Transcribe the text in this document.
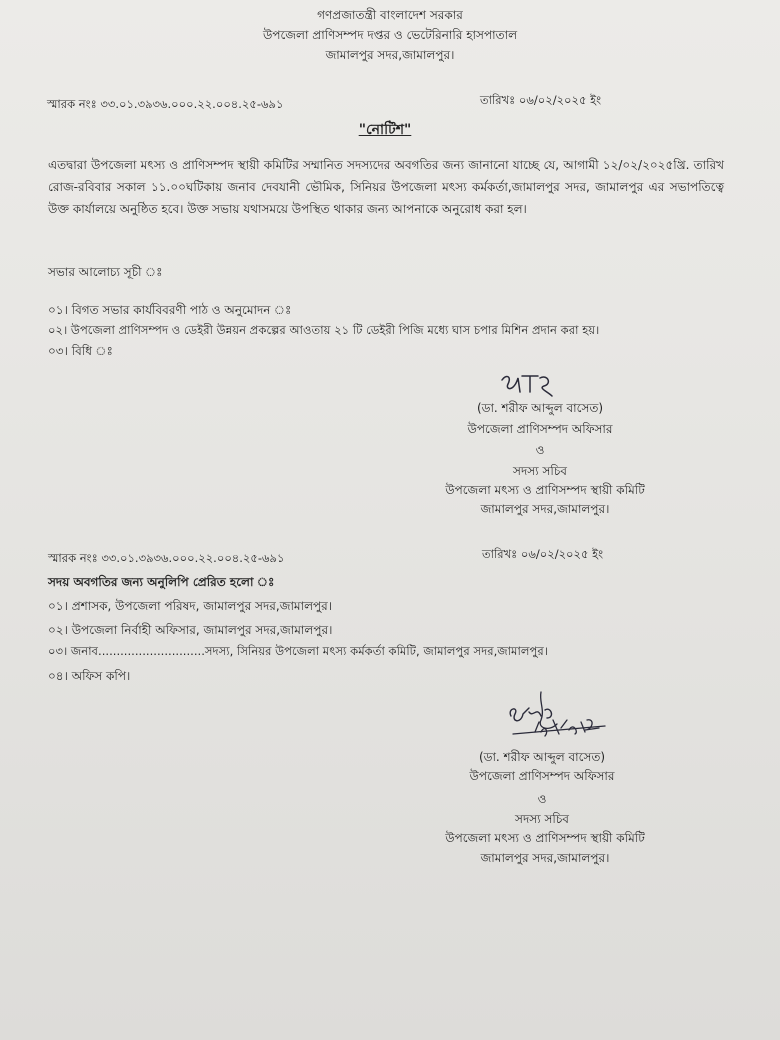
গণপ্রজাতন্ত্রী বাংলাদেশ সরকার
উপজেলা প্রাণিসম্পদ দপ্তর ও ভেটেরিনারি হাসপাতাল
জামালপুর সদর,জামালপুর।
স্মারক নংঃ ৩৩.০১.৩৯৩৬.০০০.২২.০০৪.২৫-৬৯১	তারিখঃ ০৬/০২/২০২৫ ইং
"নোটিশ"
এতদ্বারা উপজেলা মৎস্য ও প্রাণিসম্পদ স্থায়ী কমিটির সম্মানিত সদস্যদের অবগতির জন্য জানানো যাচ্ছে যে, আগামী ১২/০২/২০২৫খ্রি. তারিখ রোজ-রবিবার সকাল ১১.০০ঘটিকায় জনাব দেবযানী ভৌমিক, সিনিয়র উপজেলা মৎস্য কর্মকর্তা,জামালপুর সদর, জামালপুর এর সভাপতিত্বে উক্ত কার্যালয়ে অনুষ্ঠিত হবে। উক্ত সভায় যথাসময়ে উপস্থিত থাকার জন্য আপনাকে অনুরোধ করা হল।
সভার আলোচ্য সূচী ঃ
০১। বিগত সভার কার্যবিবরণী পাঠ ও অনুমোদন ঃ
০২। উপজেলা প্রাণিসম্পদ ও ডেইরী উন্নয়ন প্রকল্পের আওতায় ২১ টি ডেইরী পিজি মধ্যে ঘাস চপার মিশিন প্রদান করা হয়।
০৩। বিধি ঃ
(ডা. শরীফ আব্দুল বাসেত)
উপজেলা প্রাণিসম্পদ অফিসার
ও
সদস্য সচিব
উপজেলা মৎস্য ও প্রাণিসম্পদ স্থায়ী কমিটি
জামালপুর সদর,জামালপুর।
স্মারক নংঃ ৩৩.০১.৩৯৩৬.০০০.২২.০০৪.২৫-৬৯১	তারিখঃ ০৬/০২/২০২৫ ইং
সদয় অবগতির জন্য অনুলিপি প্রেরিত হলো ঃ
০১। প্রশাসক, উপজেলা পরিষদ, জামালপুর সদর,জামালপুর।
০২। উপজেলা নির্বাহী অফিসার, জামালপুর সদর,জামালপুর।
০৩। জনাব.............................সদস্য, সিনিয়র উপজেলা মৎস্য কর্মকর্তা কমিটি, জামালপুর সদর,জামালপুর।
০৪। অফিস কপি।
(ডা. শরীফ আব্দুল বাসেত)
উপজেলা প্রাণিসম্পদ অফিসার
ও
সদস্য সচিব
উপজেলা মৎস্য ও প্রাণিসম্পদ স্থায়ী কমিটি
জামালপুর সদর,জামালপুর।
